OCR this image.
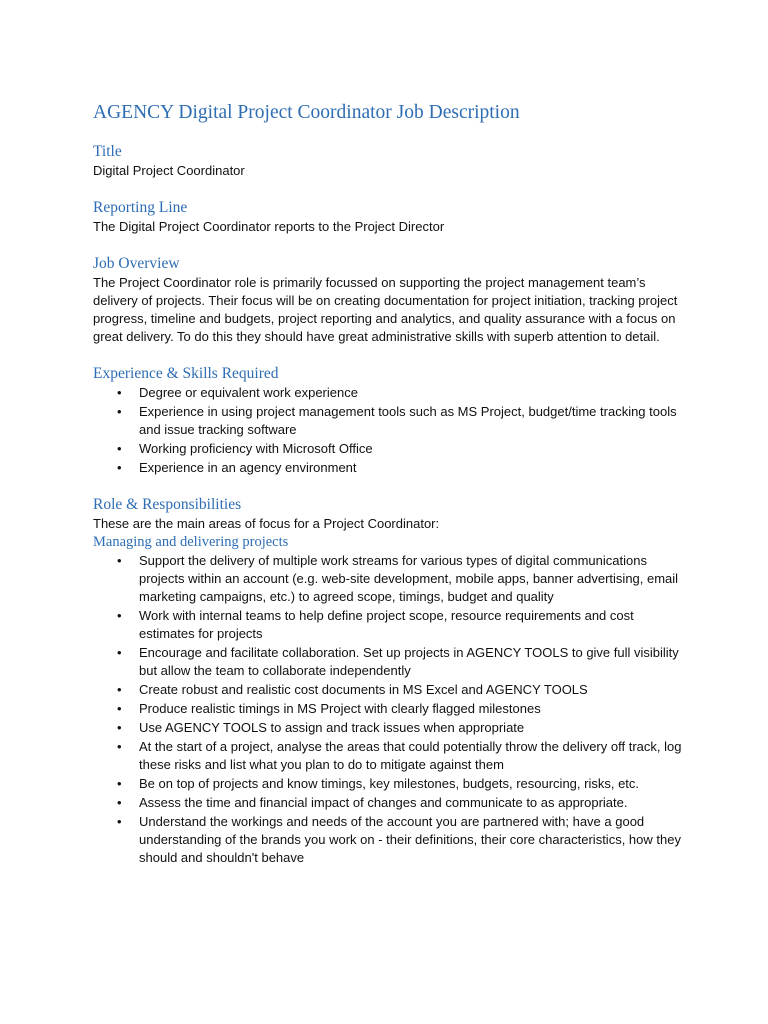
AGENCY Digital Project Coordinator Job Description
Title

Digital Project Coordinator

Reporting Line

The Digital Project Coordinator reports to the Project Director

Job Overview

The Project Coordinator role is primarily focussed on supporting the project management team’s delivery of projects. Their focus will be on creating documentation for project initiation, tracking project progress, timeline and budgets, project reporting and analytics, and quality assurance with a focus on great delivery. To do this they should have great administrative skills with superb attention to detail.

Experience & Skills Required
• Degree or equivalent work experience
• Experience in using project management tools such as MS Project, budget/time tracking tools and issue tracking software
• Working proficiency with Microsoft Office
• Experience in an agency environment
Role & Responsibilities

These are the main areas of focus for a Project Coordinator:

Managing and delivering projects
• Support the delivery of multiple work streams for various types of digital communications projects within an account (e.g. web-site development, mobile apps, banner advertising, email marketing campaigns, etc.) to agreed scope, timings, budget and quality
• Work with internal teams to help define project scope, resource requirements and cost estimates for projects
• Encourage and facilitate collaboration. Set up projects in AGENCY TOOLS to give full visibility but allow the team to collaborate independently
• Create robust and realistic cost documents in MS Excel and AGENCY TOOLS
• Produce realistic timings in MS Project with clearly flagged milestones
• Use AGENCY TOOLS to assign and track issues when appropriate
• At the start of a project, analyse the areas that could potentially throw the delivery off track, log these risks and list what you plan to do to mitigate against them
• Be on top of projects and know timings, key milestones, budgets, resourcing, risks, etc.
• Assess the time and financial impact of changes and communicate to as appropriate.
• Understand the workings and needs of the account you are partnered with; have a good understanding of the brands you work on - their definitions, their core characteristics, how they should and shouldn't behave
